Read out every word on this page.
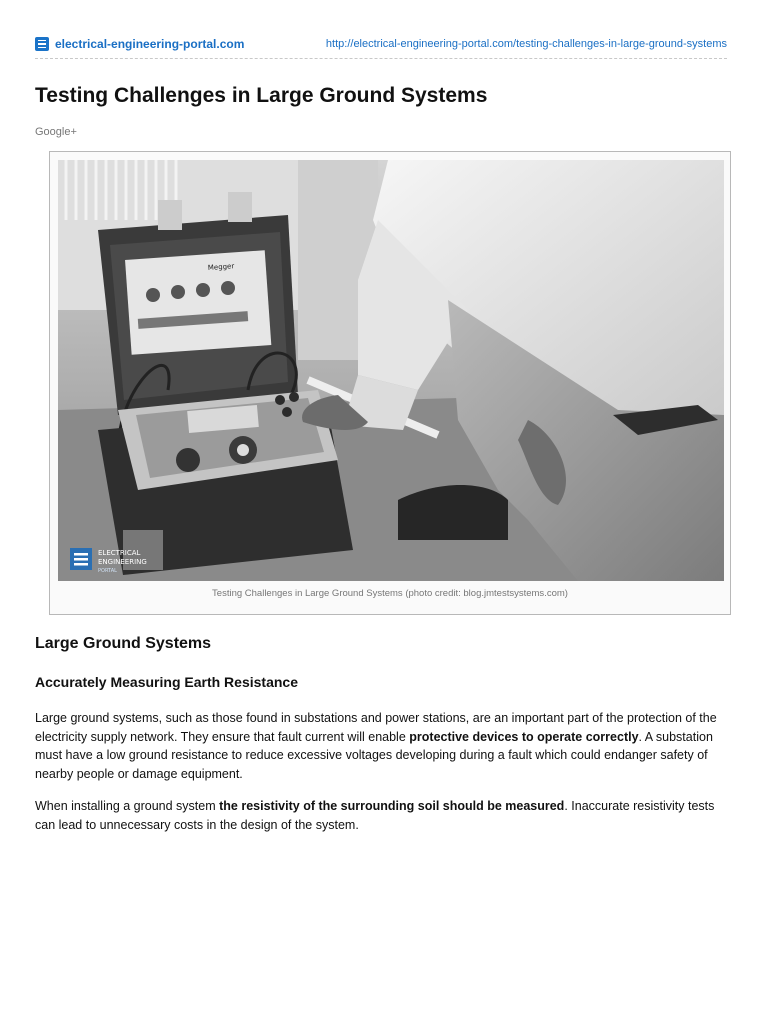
electrical-engineering-portal.com	http://electrical-engineering-portal.com/testing-challenges-in-large-ground-systems
Testing Challenges in Large Ground Systems
Google+
Megger
ELECTRICAL
ENGINEERING
PORTAL
Testing Challenges in Large Ground Systems (photo credit: blog.jmtestsystems.com)
Large Ground Systems
Accurately Measuring Earth Resistance

Large ground systems, such as those found in substations and power stations, are an important part of the protection of the electricity supply network. They ensure that fault current will enable protective devices to operate correctly. A substation must have a low ground resistance to reduce excessive voltages developing during a fault which could endanger safety of nearby people or damage equipment.

When installing a ground system the resistivity of the surrounding soil should be measured. Inaccurate resistivity tests can lead to unnecessary costs in the design of the system.
